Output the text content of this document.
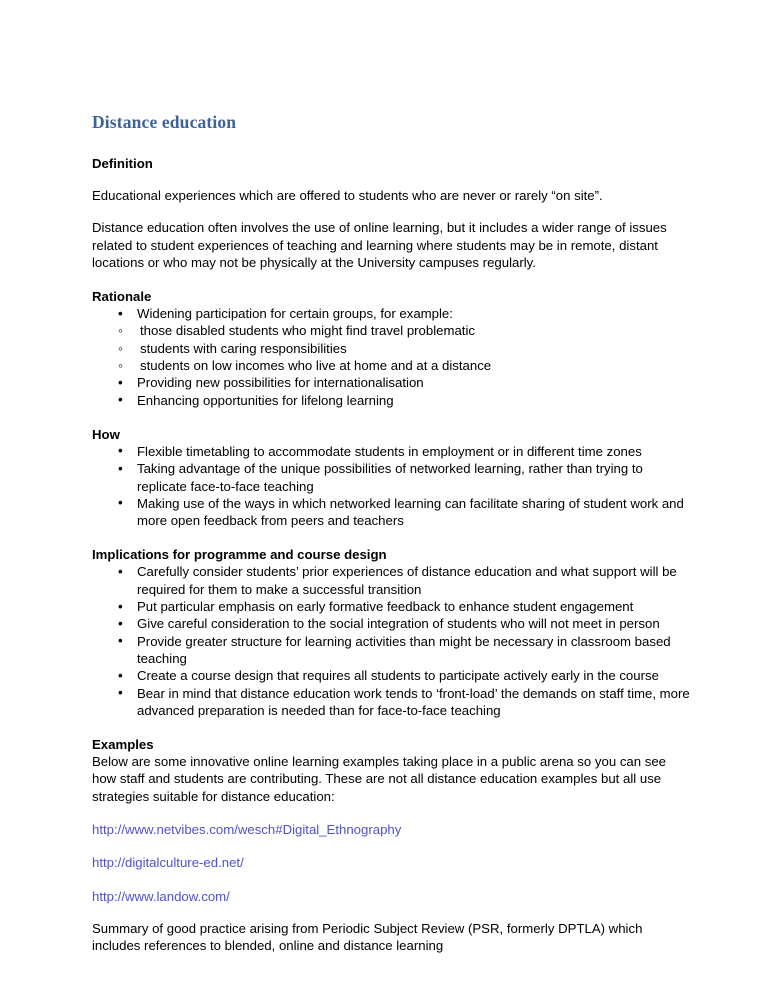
Distance education
Definition

Educational experiences which are offered to students who are never or rarely “on site”.

Distance education often involves the use of online learning, but it includes a wider range of issues related to student experiences of teaching and learning where students may be in remote, distant locations or who may not be physically at the University campuses regularly.

Rationale
• Widening participation for certain groups, for example:
◦ those disabled students who might find travel problematic
◦ students with caring responsibilities
◦ students on low incomes who live at home and at a distance
• Providing new possibilities for internationalisation
• Enhancing opportunities for lifelong learning
How
• Flexible timetabling to accommodate students in employment or in different time zones
• Taking advantage of the unique possibilities of networked learning, rather than trying to replicate face-to-face teaching
• Making use of the ways in which networked learning can facilitate sharing of student work and more open feedback from peers and teachers
Implications for programme and course design
• Carefully consider students’ prior experiences of distance education and what support will be required for them to make a successful transition
• Put particular emphasis on early formative feedback to enhance student engagement
• Give careful consideration to the social integration of students who will not meet in person
• Provide greater structure for learning activities than might be necessary in classroom based teaching
• Create a course design that requires all students to participate actively early in the course
• Bear in mind that distance education work tends to ‘front-load’ the demands on staff time, more advanced preparation is needed than for face-to-face teaching
Examples

Below are some innovative online learning examples taking place in a public arena so you can see how staff and students are contributing. These are not all distance education examples but all use strategies suitable for distance education:

http://www.netvibes.com/wesch#Digital_Ethnography
http://digitalculture-ed.net/
http://www.landow.com/

Summary of good practice arising from Periodic Subject Review (PSR, formerly DPTLA) which includes references to blended, online and distance learning
